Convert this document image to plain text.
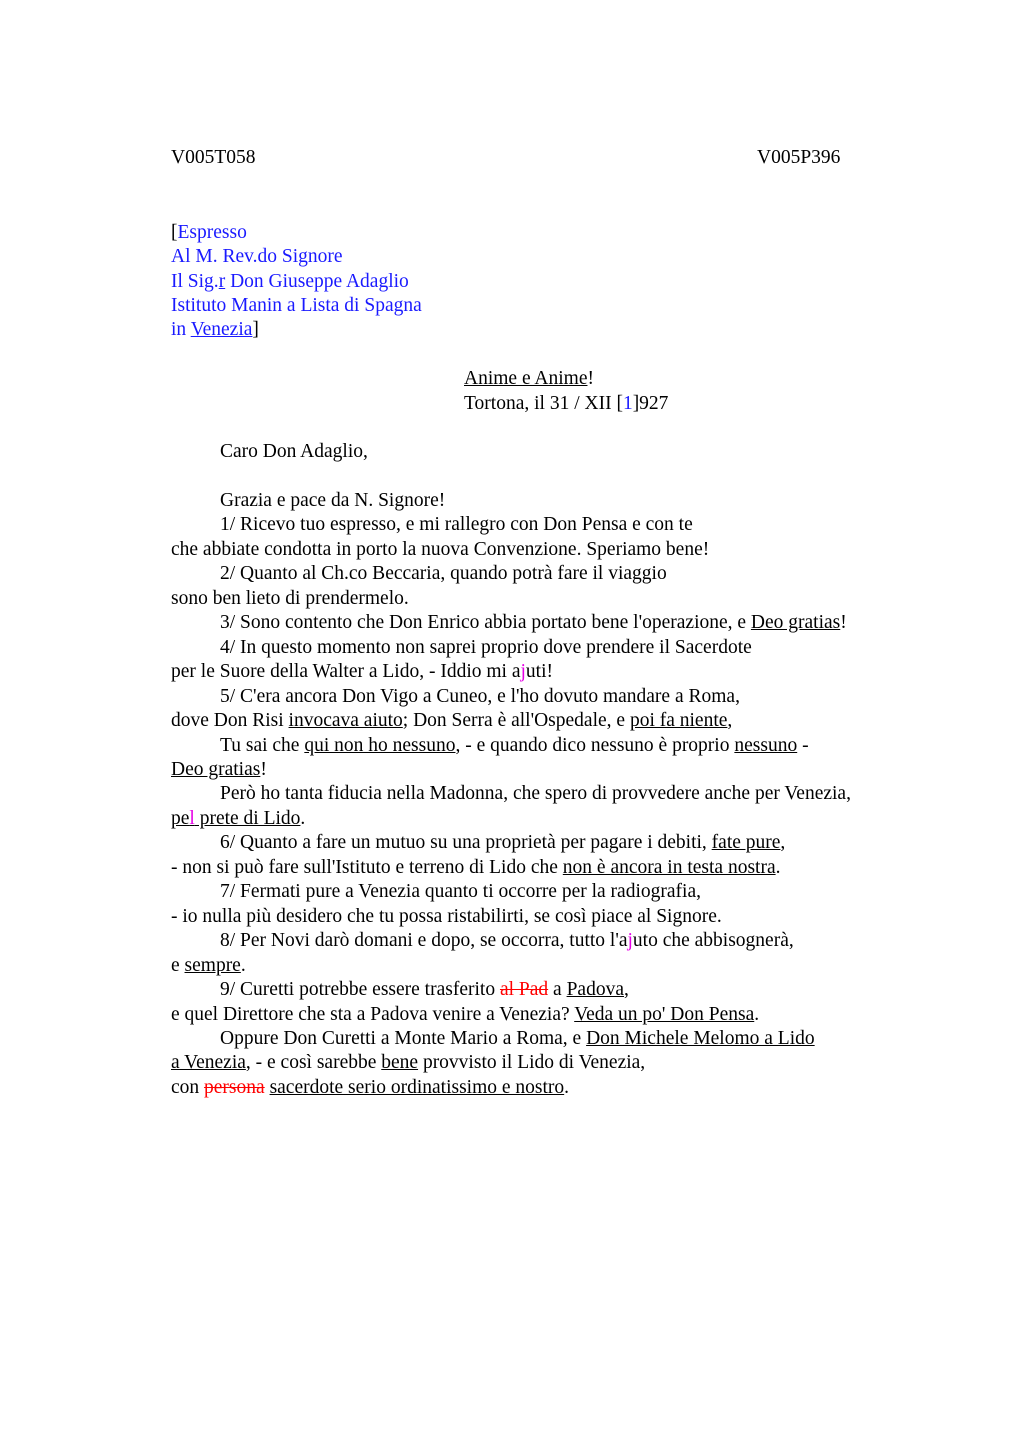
V005T058	V005P396
[Espresso
Al M. Rev.do Signore
Il Sig.r Don Giuseppe Adaglio
Istituto Manin a Lista di Spagna
in Venezia]
Anime e Anime!
Tortona, il 31 / XII [1]927
Caro Don Adaglio,
Grazia e pace da N. Signore!
1/ Ricevo tuo espresso, e mi rallegro con Don Pensa e con te
che abbiate condotta in porto la nuova Convenzione. Speriamo bene!
2/ Quanto al Ch.co Beccaria, quando potrà fare il viaggio
sono ben lieto di prendermelo.
3/ Sono contento che Don Enrico abbia portato bene l'operazione, e Deo gratias!
4/ In questo momento non saprei proprio dove prendere il Sacerdote
per le Suore della Walter a Lido, - Iddio mi ajuti!
5/ C'era ancora Don Vigo a Cuneo, e l'ho dovuto mandare a Roma,
dove Don Risi invocava aiuto; Don Serra è all'Ospedale, e poi fa niente,
Tu sai che qui non ho nessuno, - e quando dico nessuno è proprio nessuno -
Deo gratias!
Però ho tanta fiducia nella Madonna, che spero di provvedere anche per Venezia,
pel prete di Lido.
6/ Quanto a fare un mutuo su una proprietà per pagare i debiti, fate pure,
- non si può fare sull'Istituto e terreno di Lido che non è ancora in testa nostra.
7/ Fermati pure a Venezia quanto ti occorre per la radiografia,
- io nulla più desidero che tu possa ristabilirti, se così piace al Signore.
8/ Per Novi darò domani e dopo, se occorra, tutto l'ajuto che abbisognerà,
e sempre.
9/ Curetti potrebbe essere trasferito al Pad a Padova,
e quel Direttore che sta a Padova venire a Venezia? Veda un po' Don Pensa.
Oppure Don Curetti a Monte Mario a Roma, e Don Michele Melomo a Lido
a Venezia, - e così sarebbe bene provvisto il Lido di Venezia,
con persona sacerdote serio ordinatissimo e nostro.
